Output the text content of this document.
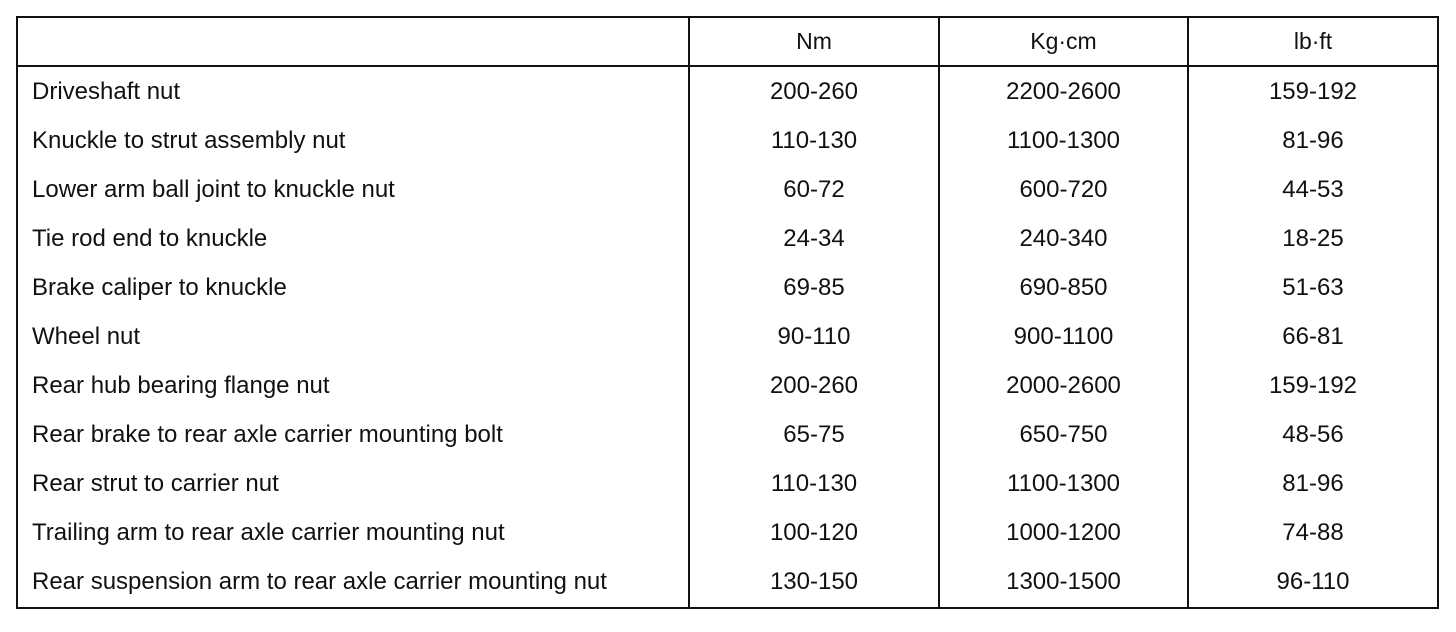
	Nm	Kg·cm	lb·ft
Driveshaft nut	200-260	2200-2600	159-192
Knuckle to strut assembly nut	110-130	1100-1300	81-96
Lower arm ball joint to knuckle nut	60-72	600-720	44-53
Tie rod end to knuckle	24-34	240-340	18-25
Brake caliper to knuckle	69-85	690-850	51-63
Wheel nut	90-110	900-1100	66-81
Rear hub bearing flange nut	200-260	2000-2600	159-192
Rear brake to rear axle carrier mounting bolt	65-75	650-750	48-56
Rear strut to carrier nut	110-130	1100-1300	81-96
Trailing arm to rear axle carrier mounting nut	100-120	1000-1200	74-88
Rear suspension arm to rear axle carrier mounting nut	130-150	1300-1500	96-110
